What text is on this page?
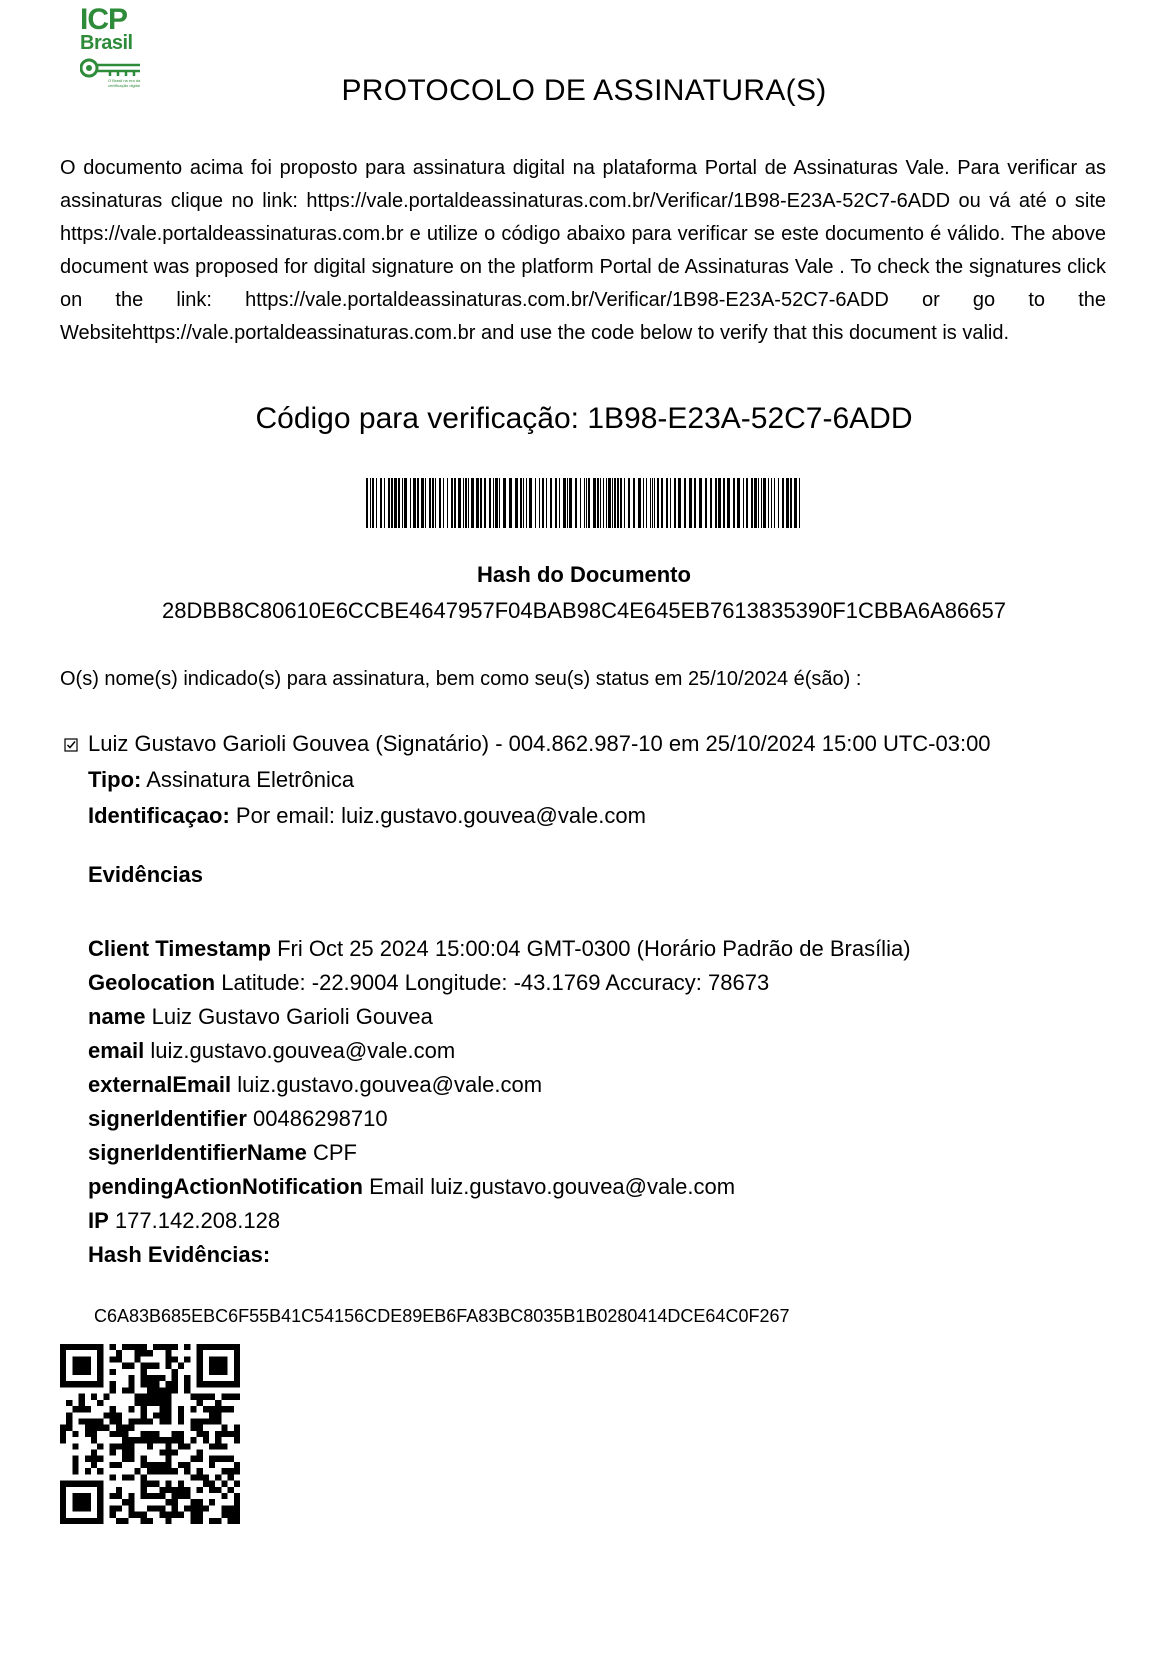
ICP
Brasil
O Brasil na era da certificação digital	PROTOCOLO DE ASSINATURA(S)
O documento acima foi proposto para assinatura digital na plataforma Portal de Assinaturas Vale. Para verificar as assinaturas clique no link: https://vale.portaldeassinaturas.com.br/Verificar/1B98-E23A-52C7-6ADD ou vá até o site https://vale.portaldeassinaturas.com.br e utilize o código abaixo para verificar se este documento é válido. The above document was proposed for digital signature on the platform Portal de Assinaturas Vale . To check the signatures click on the link: https://vale.portaldeassinaturas.com.br/Verificar/1B98-E23A-52C7-6ADD or go to the Websitehttps://vale.portaldeassinaturas.com.br and use the code below to verify that this document is valid.
Código para verificação: 1B98-E23A-52C7-6ADD
Hash do Documento
28DBB8C80610E6CCBE4647957F04BAB98C4E645EB7613835390F1CBBA6A86657
O(s) nome(s) indicado(s) para assinatura, bem como seu(s) status em 25/10/2024 é(são) :
Luiz Gustavo Garioli Gouvea (Signatário) - 004.862.987-10 em 25/10/2024 15:00 UTC-03:00
Tipo: Assinatura Eletrônica
Identificaçao: Por email: luiz.gustavo.gouvea@vale.com
Evidências
Client Timestamp Fri Oct 25 2024 15:00:04 GMT-0300 (Horário Padrão de Brasília)
Geolocation Latitude: -22.9004 Longitude: -43.1769 Accuracy: 78673
name Luiz Gustavo Garioli Gouvea
email luiz.gustavo.gouvea@vale.com
externalEmail luiz.gustavo.gouvea@vale.com
signerIdentifier 00486298710
signerIdentifierName CPF
pendingActionNotification Email luiz.gustavo.gouvea@vale.com
IP 177.142.208.128
Hash Evidências:
C6A83B685EBC6F55B41C54156CDE89EB6FA83BC8035B1B0280414DCE64C0F267
